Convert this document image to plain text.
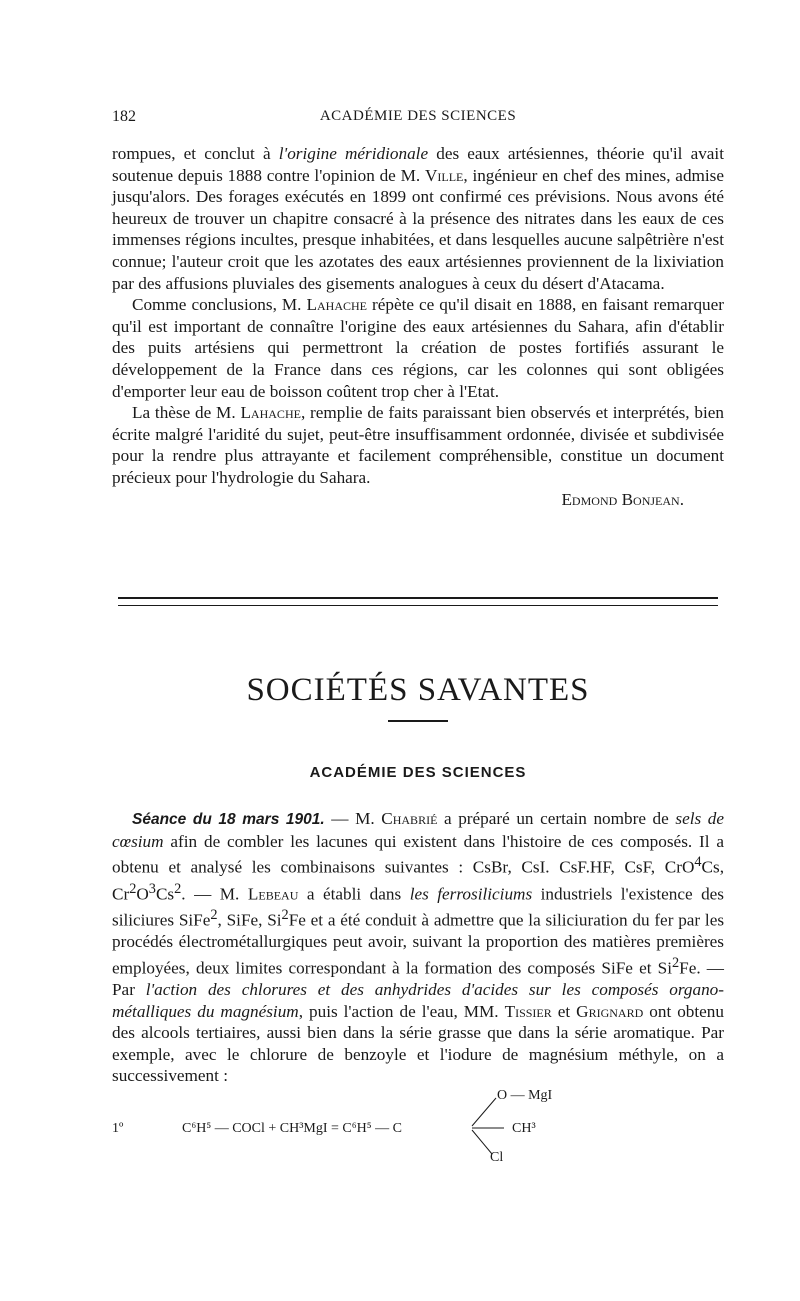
182	ACADÉMIE DES SCIENCES

rompues, et conclut à l'origine méridionale des eaux artésiennes, théorie qu'il avait soutenue depuis 1888 contre l'opinion de M. Ville, ingénieur en chef des mines, admise jusqu'alors. Des forages exécutés en 1899 ont confirmé ces prévisions. Nous avons été heureux de trouver un chapitre consacré à la présence des nitrates dans les eaux de ces immenses régions incultes, presque inhabitées, et dans lesquelles aucune salpêtrière n'est connue; l'auteur croit que les azotates des eaux artésiennes proviennent de la lixiviation par des affusions pluviales des gisements analogues à ceux du désert d'Atacama.

Comme conclusions, M. Lahache répète ce qu'il disait en 1888, en faisant remarquer qu'il est important de connaître l'origine des eaux artésiennes du Sahara, afin d'établir des puits artésiens qui permettront la création de postes fortifiés assurant le développement de la France dans ces régions, car les colonnes qui sont obligées d'emporter leur eau de boisson coûtent trop cher à l'Etat.

La thèse de M. Lahache, remplie de faits paraissant bien observés et interprétés, bien écrite malgré l'aridité du sujet, peut-être insuffisamment ordonnée, divisée et subdivisée pour la rendre plus attrayante et facilement compréhensible, constitue un document précieux pour l'hydrologie du Sahara.

Edmond Bonjean.

SOCIÉTÉS SAVANTES
ACADÉMIE DES SCIENCES

Séance du 18 mars 1901. — M. Chabrié a préparé un certain nombre de sels de cœsium afin de combler les lacunes qui existent dans l'histoire de ces composés. Il a obtenu et analysé les combinaisons suivantes : CsBr, CsI. CsF.HF, CsF, CrO$^4$Cs, $Cr^2O^3Cs^2$. — M. Lebeau a établi dans les ferrosiliciums industriels l'existence des siliciures SiFe$^2$, SiFe, Si$^2$Fe et a été conduit à admettre que la siliciuration du fer par les procédés électrométallurgiques peut avoir, suivant la proportion des matières premières employées, deux limites correspondant à la formation des composés SiFe et Si$^2$Fe. — Par l'action des chlorures et des anhydrides d'acides sur les composés organo-métalliques du magnésium, puis l'action de l'eau, MM. Tissier et Grignard ont obtenu des alcools tertiaires, aussi bien dans la série grasse que dans la série aromatique. Par exemple, avec le chlorure de benzoyle et l'iodure de magnésium méthyle, on a successivement :

1º	C⁶H⁵ — COCl + CH³MgI = C⁶H⁵ — C
O — MgI
CH³
Cl
